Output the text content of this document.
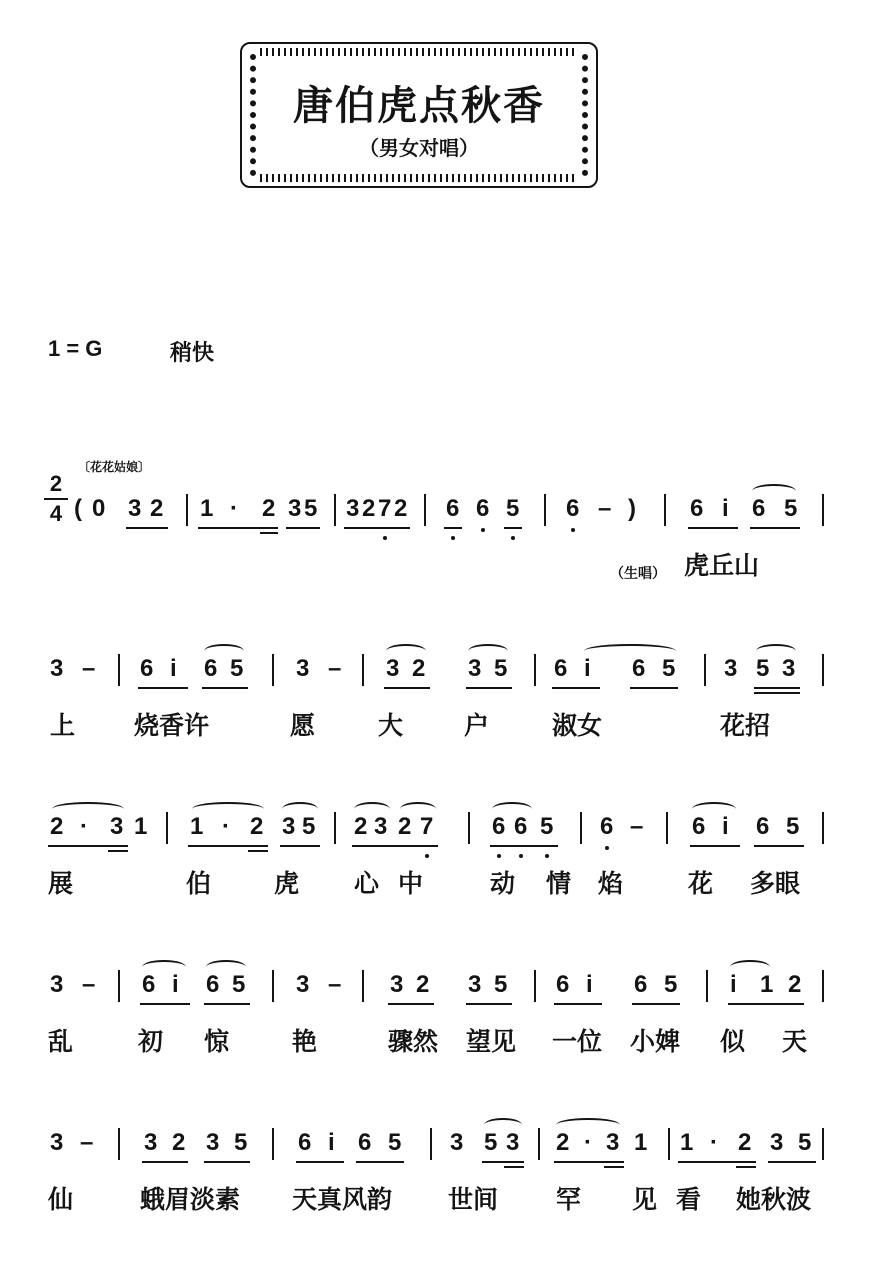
唐伯虎点秋香
（男女对唱）
1 = G	稍快
〔花花姑娘〕
2
4 ( 0 3 2 1 · 2 3 5 3 2 7 2 6 6 5 6 – ) 6 i 6 5
（生唱） 虎丘山
3 – 6 i 6 5 3 – 3 2 3 5 6 i 6 5 3 5 3
上 烧香许	愿	大 户	淑女	花招
2 · 3 1 1 · 2 3 5 2 3 2 7 6 6 5 6 – 6 i 6 5
展	伯	虎 心 中	动 情 焰	花 多眼
3 – 6 i 6 5 3 – 3 2 3 5 6 i 6 5 i 1 2
乱	初 惊	艳	骤然 望见 一位 小婢 似 天
3 – 3 2 3 5 6 i 6 5 3 5 3 2 · 3 1 1 · 2 3 5
仙	蛾眉淡素 天真风韵 世间 罕 见 看 她秋波
